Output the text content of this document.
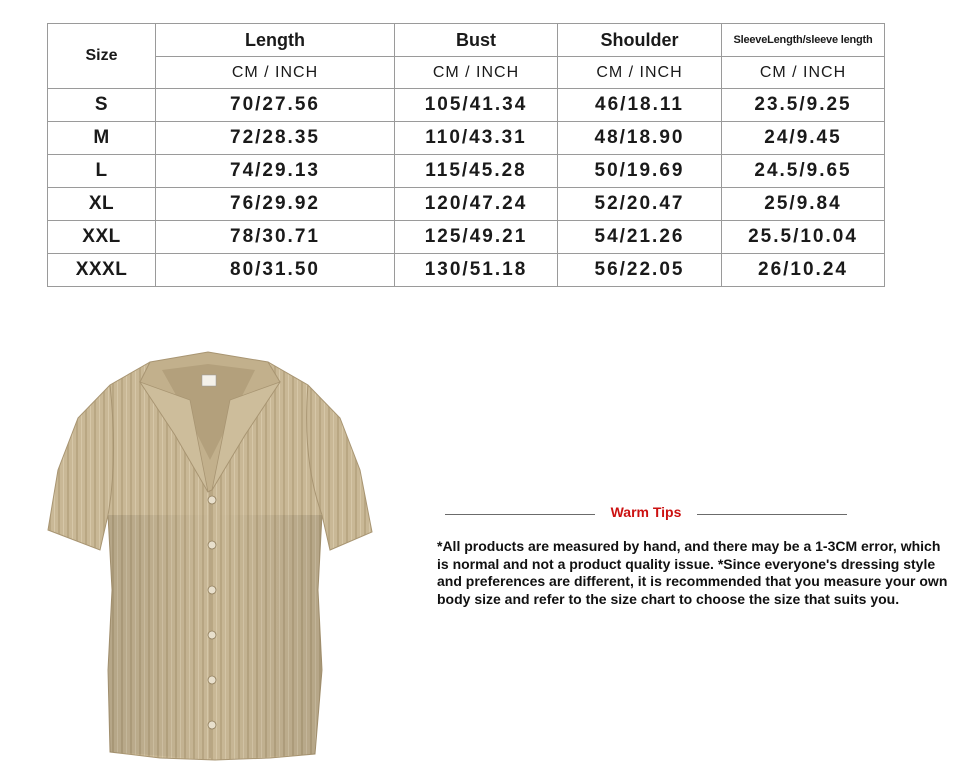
Size	Length	Bust	Shoulder	SleeveLength/sleeve length
	CM / INCH	CM / INCH	CM / INCH	CM / INCH
S	70/27.56	105/41.34	46/18.11	23.5/9.25
M	72/28.35	110/43.31	48/18.90	24/9.45
L	74/29.13	115/45.28	50/19.69	24.5/9.65
XL	76/29.92	120/47.24	52/20.47	25/9.84
XXL	78/30.71	125/49.21	54/21.26	25.5/10.04
XXXL	80/31.50	130/51.18	56/22.05	26/10.24
Warm Tips
*All products are measured by hand, and there may be a 1-3CM error, which is normal and not a product quality issue. *Since everyone's dressing style and preferences are different, it is recommended that you measure your own body size and refer to the size chart to choose the size that suits you.
